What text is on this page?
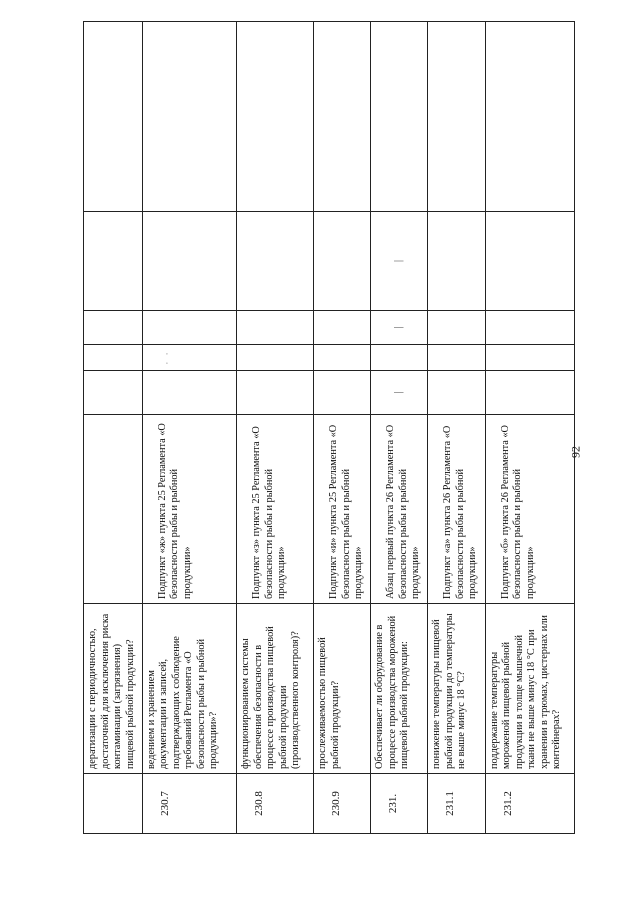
92
	дератизации с периодичностью, достаточной для исключения риска контаминации (загрязнения) пищевой рыбной продукции?						
230.7	ведением и хранением документации и записей, подтверждающих соблюдение требований Регламента «О безопасности рыбы и рыбной продукции»?	Подпункт «ж» пункта 25 Регламента «О безопасности рыбы и рыбной продукции»		· ·			

230.8	функционированием системы обеспечения безопасности в процессе производства пищевой рыбной продукции (производственного контроля)?	Подпункт «з» пункта 25 Регламента «О безопасности рыбы и рыбной продукции»					
230.9	прослеживаемостью пищевой рыбной продукции?	Подпункт «и» пункта 25 Регламента «О безопасности рыбы и рыбной продукции»					
231.	Обеспечивает ли оборудование в процессе производства мороженой пищевой рыбной продукции:	Абзац первый пункта 26 Регламента «О безопасности рыбы и рыбной продукции»	|		|	|	

231.1	понижение температуры пищевой рыбной продукции до температуры не выше минус 18 °С?	Подпункт «а» пункта 26 Регламента «О безопасности рыбы и рыбной продукции»					
231.2	поддержание температуры мороженой пищевой рыбной продукции в толще мышечной ткани не выше минус 18 °С при хранении в трюмах, цистернах или контейнерах?	Подпункт «б» пункта 26 Регламента «О безопасности рыбы и рыбной продукции»					
